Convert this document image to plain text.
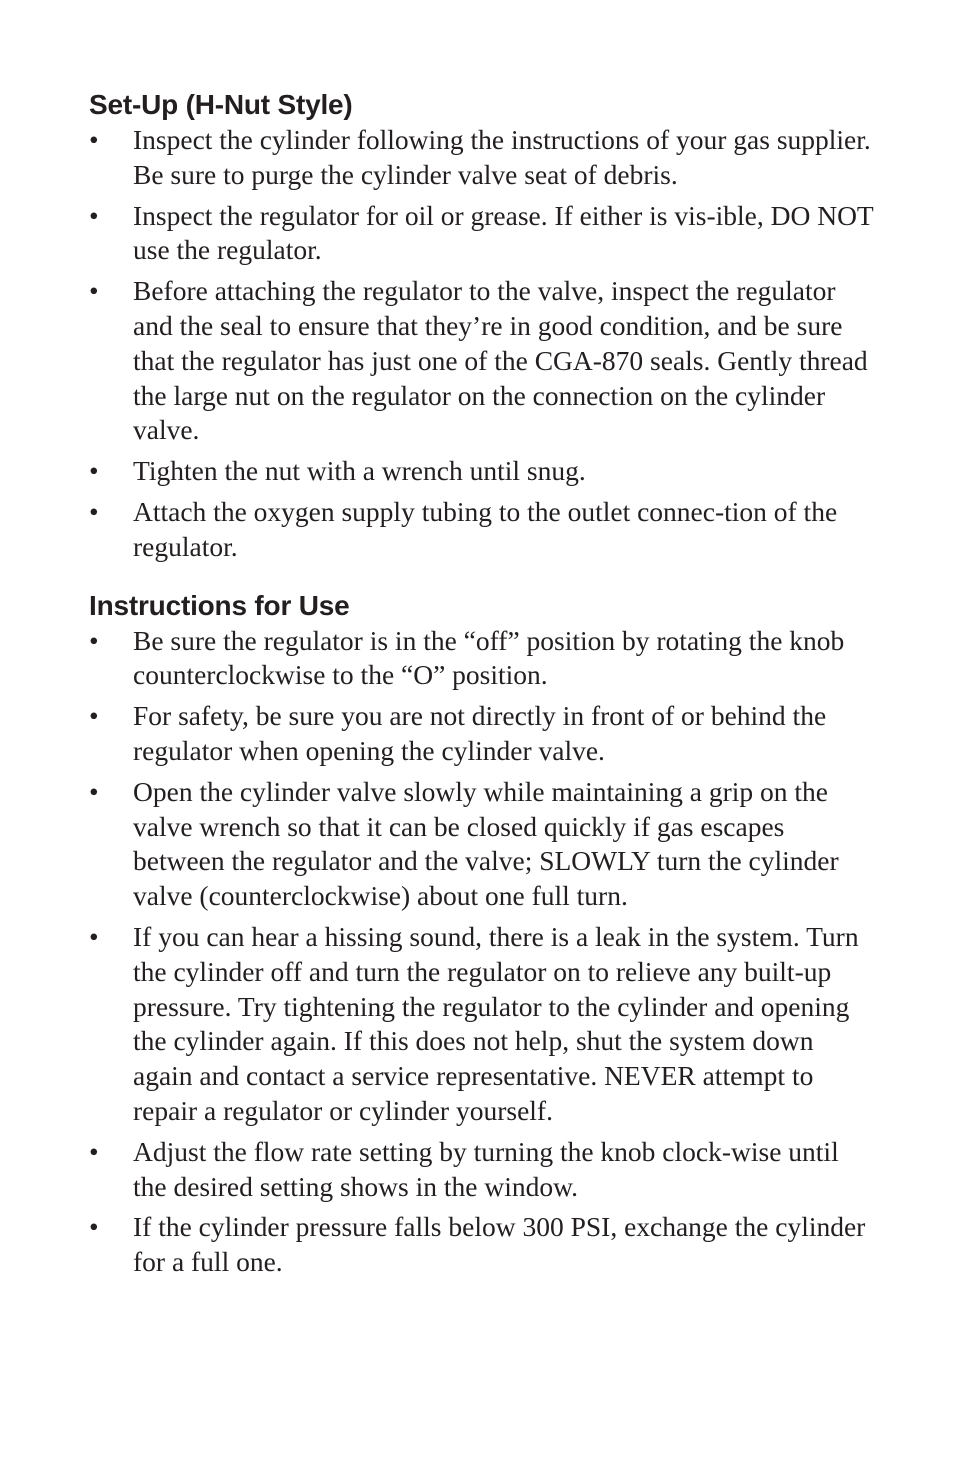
Set-Up (H-Nut Style)
• Inspect the cylinder following the instructions of your gas supplier. Be sure to purge the cylinder valve seat of debris.
• Inspect the regulator for oil or grease. If either is vis-ible, DO NOT use the regulator.
• Before attaching the regulator to the valve, inspect the regulator and the seal to ensure that they’re in good condition, and be sure that the regulator has just one of the CGA-870 seals. Gently thread the large nut on the regulator on the connection on the cylinder valve.
• Tighten the nut with a wrench until snug.
• Attach the oxygen supply tubing to the outlet connec-tion of the regulator.
Instructions for Use
• Be sure the regulator is in the “off” position by rotating the knob counterclockwise to the “O” position.
• For safety, be sure you are not directly in front of or behind the regulator when opening the cylinder valve.
• Open the cylinder valve slowly while maintaining a grip on the valve wrench so that it can be closed quickly if gas escapes between the regulator and the valve; SLOWLY turn the cylinder valve (counterclockwise) about one full turn.
• If you can hear a hissing sound, there is a leak in the system. Turn the cylinder off and turn the regulator on to relieve any built-up pressure. Try tightening the regulator to the cylinder and opening the cylinder again. If this does not help, shut the system down again and contact a service representative. NEVER attempt to repair a regulator or cylinder yourself.
• Adjust the flow rate setting by turning the knob clock-wise until the desired setting shows in the window.
• If the cylinder pressure falls below 300 PSI, exchange the cylinder for a full one.
